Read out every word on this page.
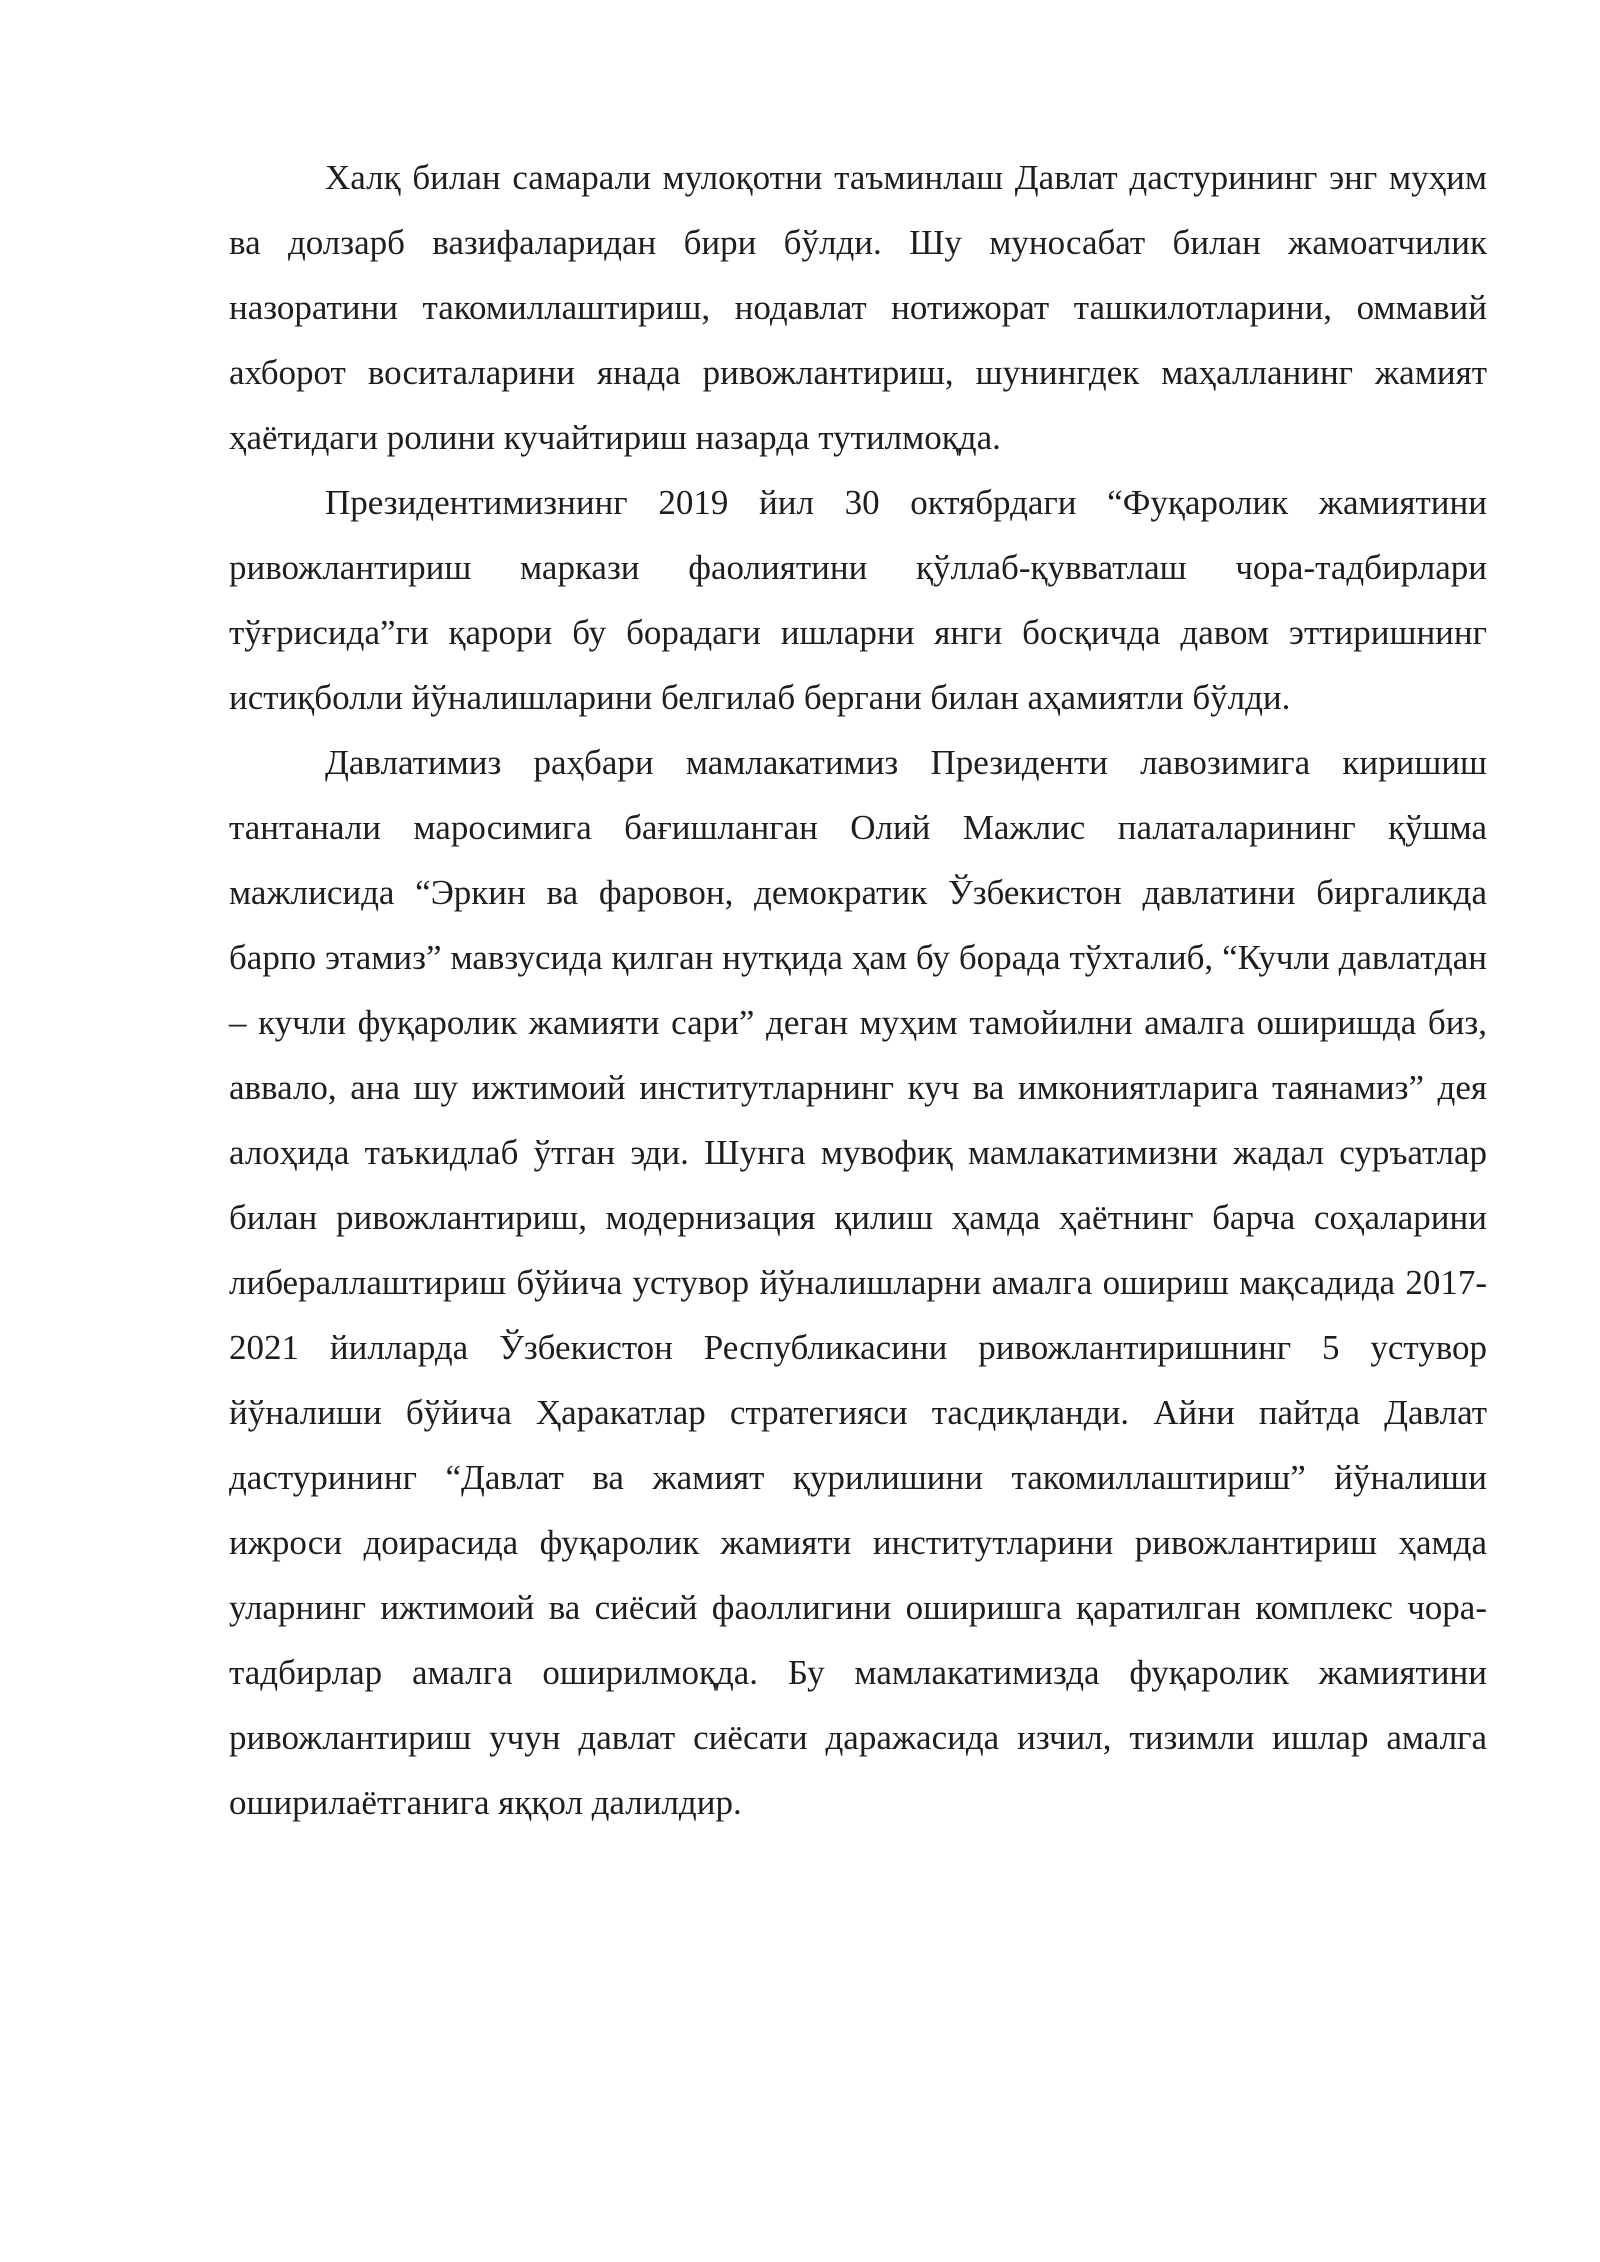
Халқ билан самарали мулоқотни таъминлаш Давлат дастурининг энг муҳим ва долзарб вазифаларидан бири бўлди. Шу муносабат билан жамоатчилик назоратини такомиллаштириш, нодавлат нотижорат ташкилотларини, оммавий ахборот воситаларини янада ривожлантириш, шунингдек маҳалланинг жамият ҳаётидаги ролини кучайтириш назарда тутилмоқда.

Президентимизнинг 2019 йил 30 октябрдаги “Фуқаролик жамиятини ривожлантириш маркази фаолиятини қўллаб-қувватлаш чора-тадбирлари тўғрисида”ги қарори бу борадаги ишларни янги босқичда давом эттиришнинг истиқболли йўналишларини белгилаб бергани билан аҳамиятли бўлди.

Давлатимиз раҳбари мамлакатимиз Президенти лавозимига киришиш тантанали маросимига бағишланган Олий Мажлис палаталарининг қўшма мажлисида “Эркин ва фаровон, демократик Ўзбекистон давлатини биргаликда барпо этамиз” мавзусида қилган нутқида ҳам бу борада тўхталиб, “Кучли давлатдан – кучли фуқаролик жамияти сари” деган муҳим тамойилни амалга оширишда биз, аввало, ана шу ижтимоий институтларнинг куч ва имкониятларига таянамиз” дея алоҳида таъкидлаб ўтган эди. Шунга мувофиқ мамлакатимизни жадал суръатлар билан ривожлантириш, модернизация қилиш ҳамда ҳаётнинг барча соҳаларини либераллаштириш бўйича устувор йўналишларни амалга ошириш мақсадида 2017-2021 йилларда Ўзбекистон Республикасини ривожлантиришнинг 5 устувор йўналиши бўйича Ҳаракатлар стратегияси тасдиқланди. Айни пайтда Давлат дастурининг “Давлат ва жамият қурилишини такомиллаштириш” йўналиши ижроси доирасида фуқаролик жамияти институтларини ривожлантириш ҳамда уларнинг ижтимоий ва сиёсий фаоллигини оширишга қаратилган комплекс чора-тадбирлар амалга оширилмоқда. Бу мамлакатимизда фуқаролик жамиятини ривожлантириш учун давлат сиёсати даражасида изчил, тизимли ишлар амалга оширилаётганига яққол далилдир.
